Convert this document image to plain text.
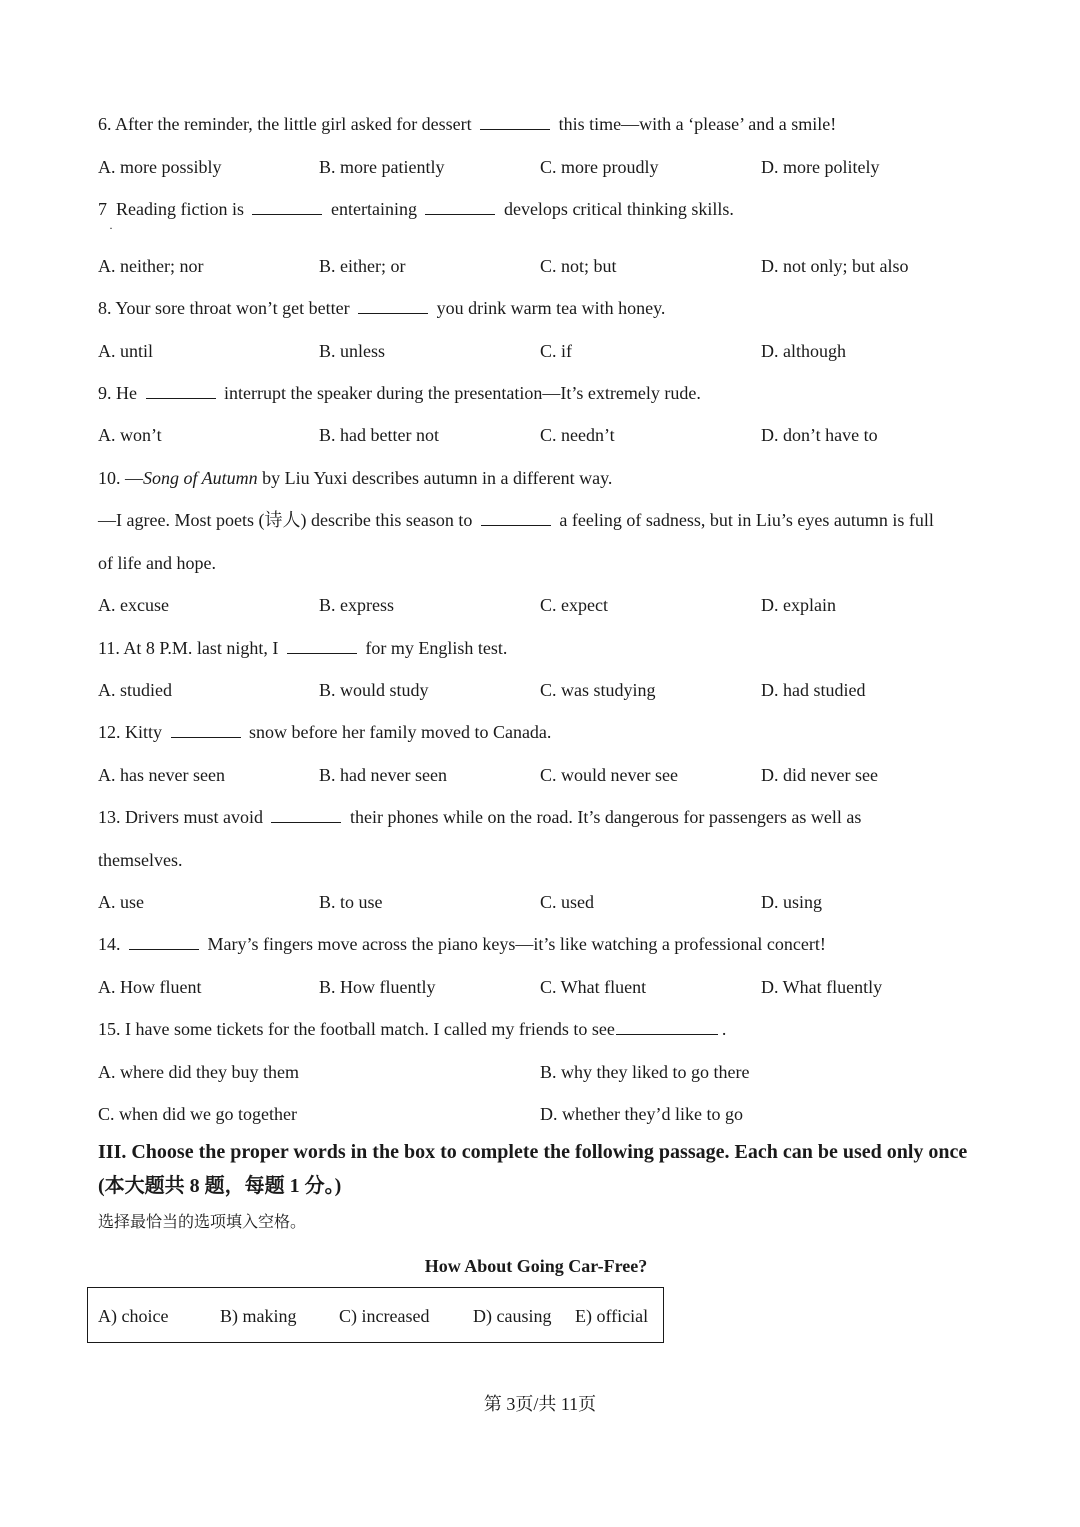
6. After the reminder, the little girl asked for dessert	this time—with a ‘please’ and a smile!
A. more possibly	B. more patiently	C. more proudly	D. more politely
7 Reading fiction is	entertaining	develops critical thinking skills.
·
A. neither; nor	B. either; or	C. not; but	D. not only; but also
8. Your sore throat won’t get better	you drink warm tea with honey.
A. until	B. unless	C. if	D. although
9. He	interrupt the speaker during the presentation—It’s extremely rude.
A. won’t	B. had better not	C. needn’t	D. don’t have to
10. —Song of Autumn by Liu Yuxi describes autumn in a different way.
—I agree. Most poets (诗人) describe this season to	a feeling of sadness, but in Liu’s eyes autumn is full
of life and hope.
A. excuse	B. express	C. expect	D. explain
11. At 8 P.M. last night, I	for my English test.
A. studied	B. would study	C. was studying	D. had studied
12. Kitty	snow before her family moved to Canada.
A. has never seen	B. had never seen	C. would never see	D. did never see
13. Drivers must avoid	their phones while on the road. It’s dangerous for passengers as well as
themselves.
A. use	B. to use	C. used	D. using
14.	Mary’s fingers move across the piano keys—it’s like watching a professional concert!
A. How fluent	B. How fluently	C. What fluent	D. What fluently
15. I have some tickets for the football match. I called my friends to see	.
A. where did they buy them	B. why they liked to go there
C. when did we go together	D. whether they’d like to go
III. Choose the proper words in the box to complete the following passage. Each can be used only once (本大题共 8 题，每题 1 分。)
选择最恰当的选项填入空格。
How About Going Car-Free?
A) choice	B) making C) increased D) causing E) official
第 3页/共 11页
